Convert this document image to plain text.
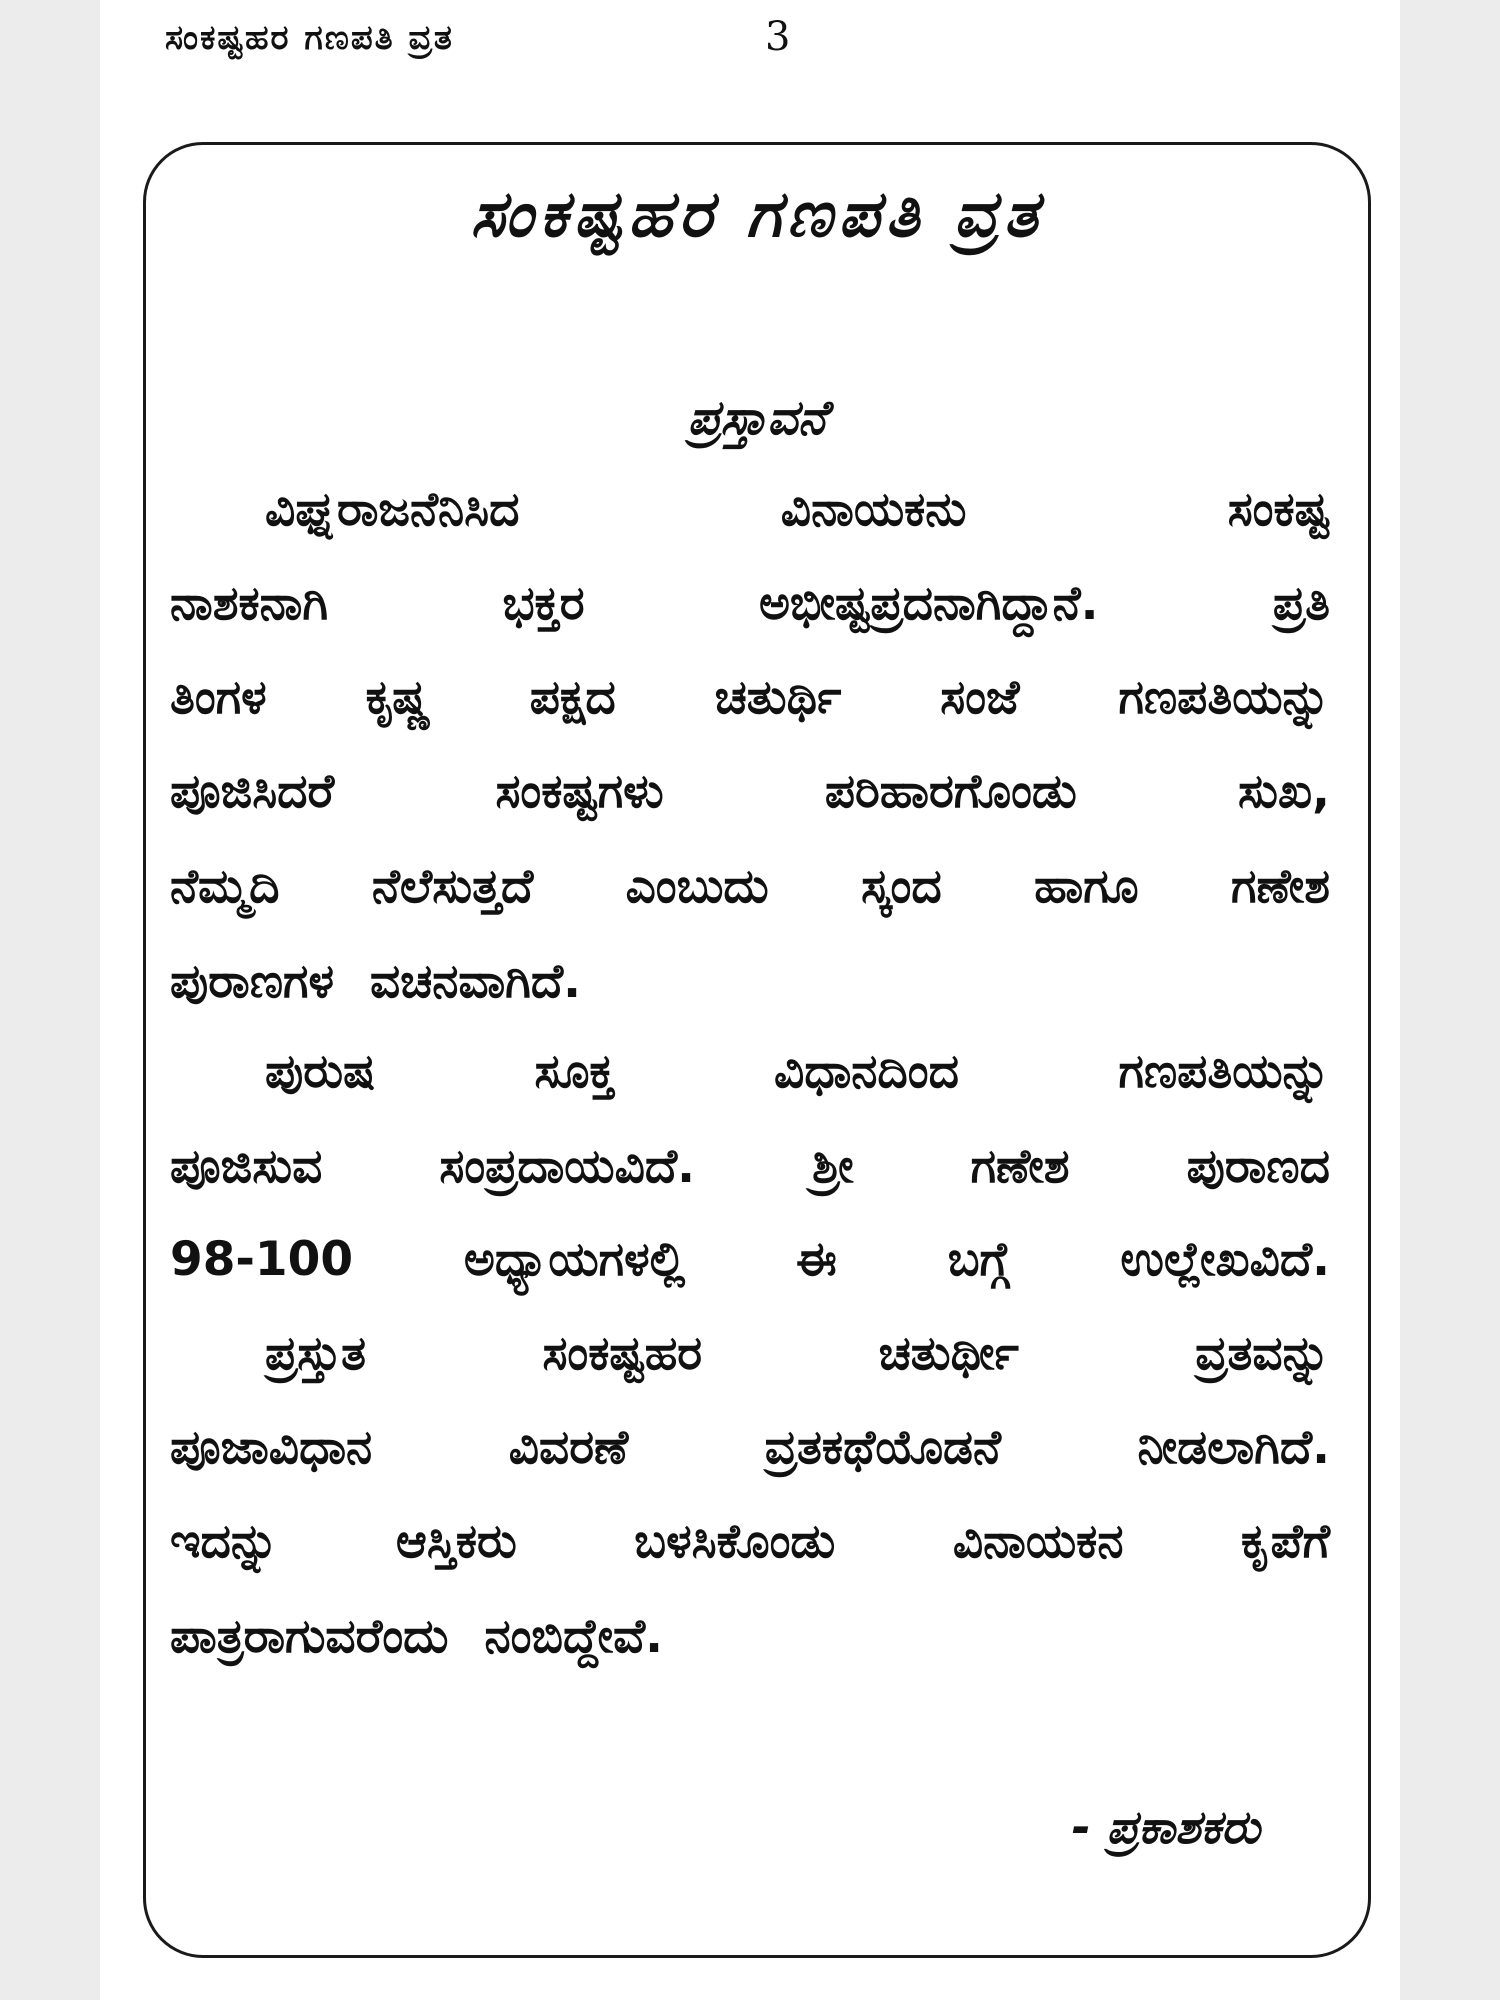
ಸಂಕಷ್ಟಹರ ಗಣಪತಿ ವ್ರತ	3
ಸಂಕಷ್ಟಹರ ಗಣಪತಿ ವ್ರತ
ಪ್ರಸ್ತಾವನೆ
ವಿಘ್ನರಾಜನೆನಿಸಿದ	ವಿನಾಯಕನು	ಸಂಕಷ್ಟ
ನಾಶಕನಾಗಿ	ಭಕ್ತರ	ಅಭೀಷ್ಟಪ್ರದನಾಗಿದ್ದಾನೆ.	ಪ್ರತಿ
ತಿಂಗಳ ಕೃಷ್ಣ ಪಕ್ಷದ ಚತುರ್ಥಿ ಸಂಜೆ ಗಣಪತಿಯನ್ನು
ಪೂಜಿಸಿದರೆ	ಸಂಕಷ್ಟಗಳು	ಪರಿಹಾರಗೊಂಡು	ಸುಖ,
ನೆಮ್ಮದಿ ನೆಲೆಸುತ್ತದೆ ಎಂಬುದು ಸ್ಕಂದ ಹಾಗೂ ಗಣೇಶ
ಪುರಾಣಗಳ ವಚನವಾಗಿದೆ.
ಪುರುಷ	ಸೂಕ್ತ	ವಿಧಾನದಿಂದ	ಗಣಪತಿಯನ್ನು
ಪೂಜಿಸುವ ಸಂಪ್ರದಾಯವಿದೆ. ಶ್ರೀ ಗಣೇಶ ಪುರಾಣದ
98-100 ಅಧ್ಯಾಯಗಳಲ್ಲಿ ಈ ಬಗ್ಗೆ ಉಲ್ಲೇಖವಿದೆ.
ಪ್ರಸ್ತುತ	ಸಂಕಷ್ಟಹರ	ಚತುರ್ಥೀ	ವ್ರತವನ್ನು
ಪೂಜಾವಿಧಾನ	ವಿವರಣೆ	ವ್ರತಕಥೆಯೊಡನೆ	ನೀಡಲಾಗಿದೆ.
ಇದನ್ನು	ಆಸ್ತಿಕರು	ಬಳಸಿಕೊಂಡು	ವಿನಾಯಕನ	ಕೃಪೆಗೆ
ಪಾತ್ರರಾಗುವರೆಂದು ನಂಬಿದ್ದೇವೆ.
- ಪ್ರಕಾಶಕರು
